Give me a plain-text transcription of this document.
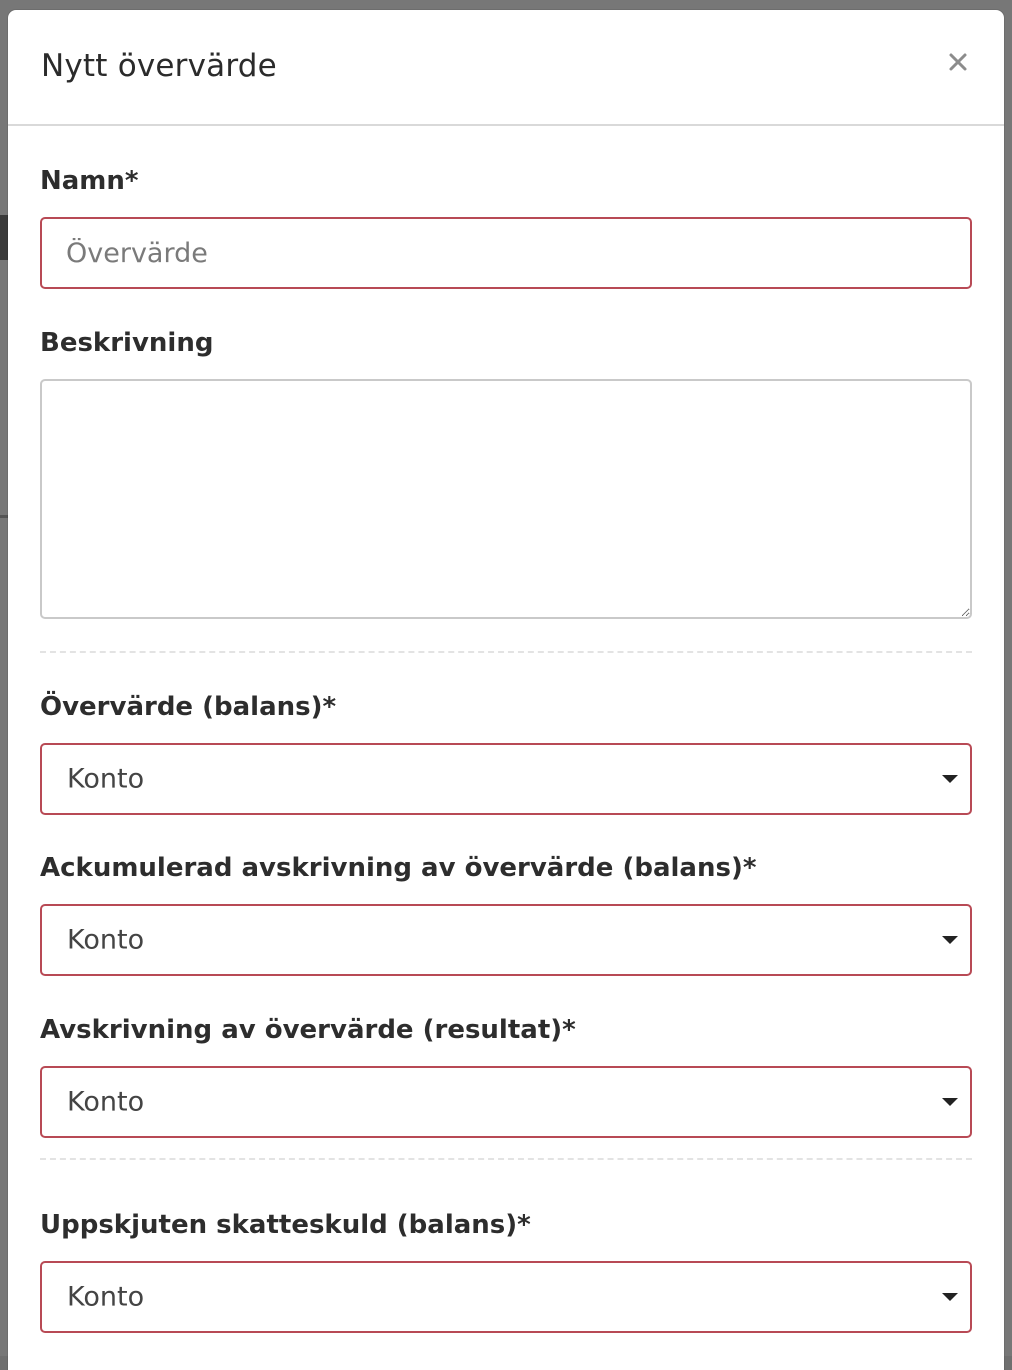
Nytt övervärde
Namn*
Övervärde
Beskrivning
Övervärde (balans)*
Konto
Ackumulerad avskrivning av övervärde (balans)*
Konto
Avskrivning av övervärde (resultat)*
Konto
Uppskjuten skatteskuld (balans)*
Konto
